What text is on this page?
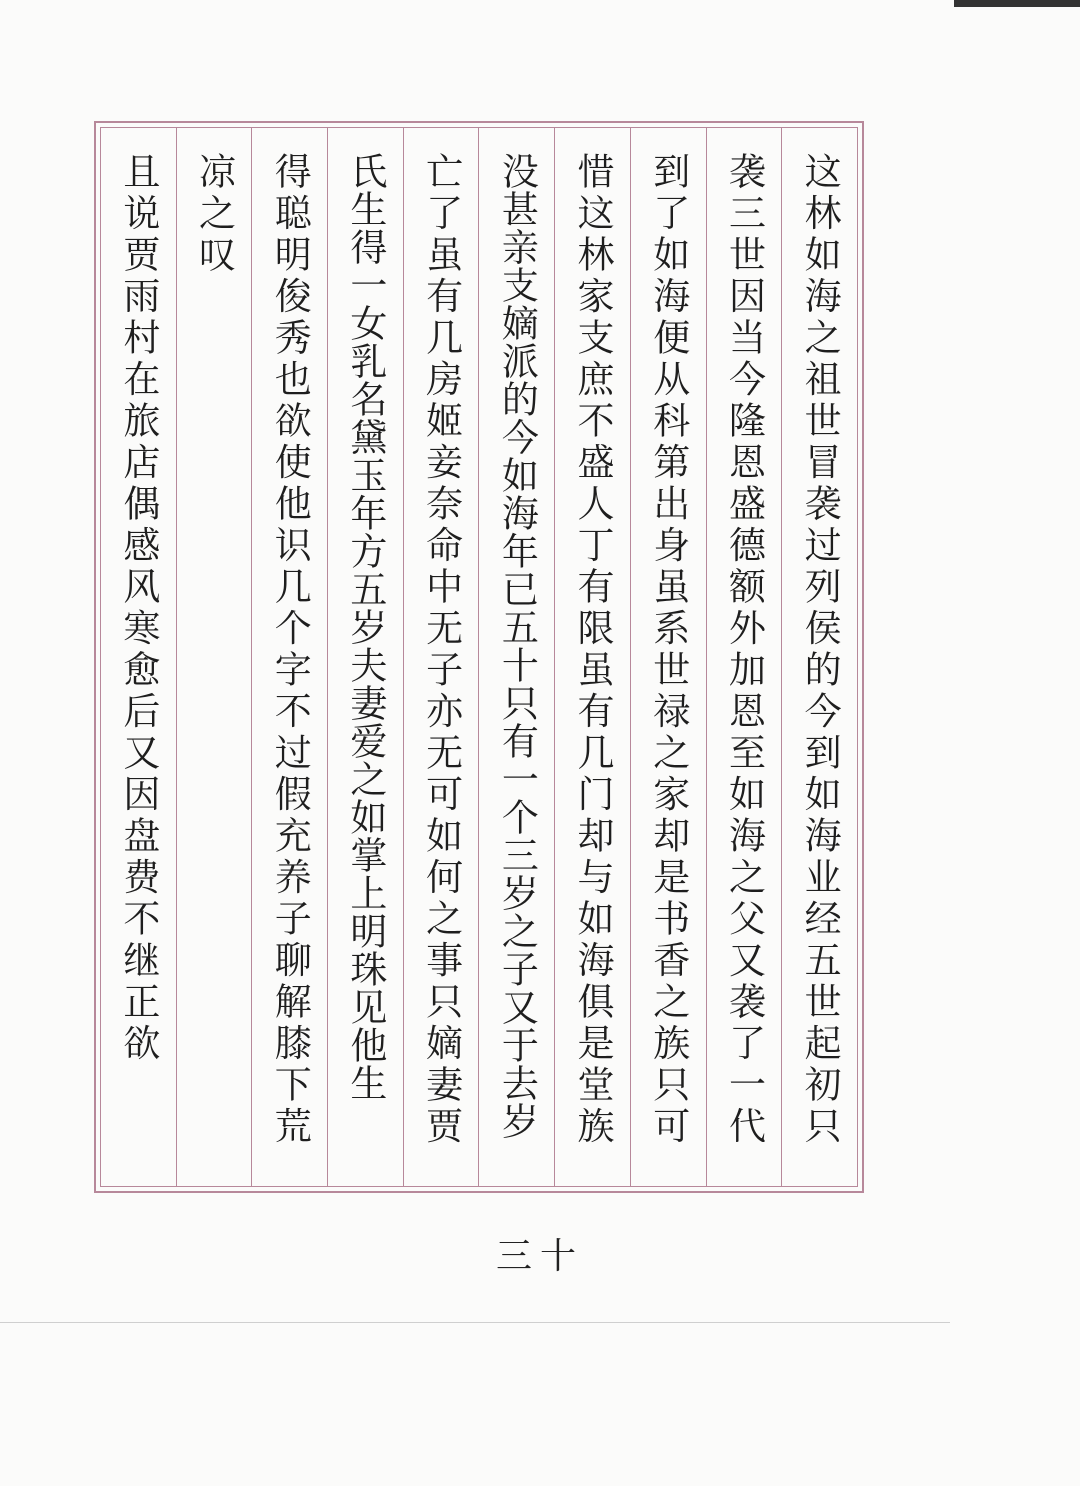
这林如海之祖世冒袭过列侯的今到如海业经五世起初只
袭三世因当今隆恩盛德额外加恩至如海之父又袭了一代
到了如海便从科第出身虽系世禄之家却是书香之族只可
惜这林家支庶不盛人丁有限虽有几门却与如海俱是堂族
没甚亲支嫡派的今如海年已五十只有一个三岁之子又于去岁
亡了虽有几房姬妾奈命中无子亦无可如何之事只嫡妻贾
氏生得一女乳名黛玉年方五岁夫妻爱之如掌上明珠见他生
得聪明俊秀也欲使他识几个字不过假充养子聊解膝下荒
凉之叹
且说贾雨村在旅店偶感风寒愈后又因盘费不继正欲
三十
